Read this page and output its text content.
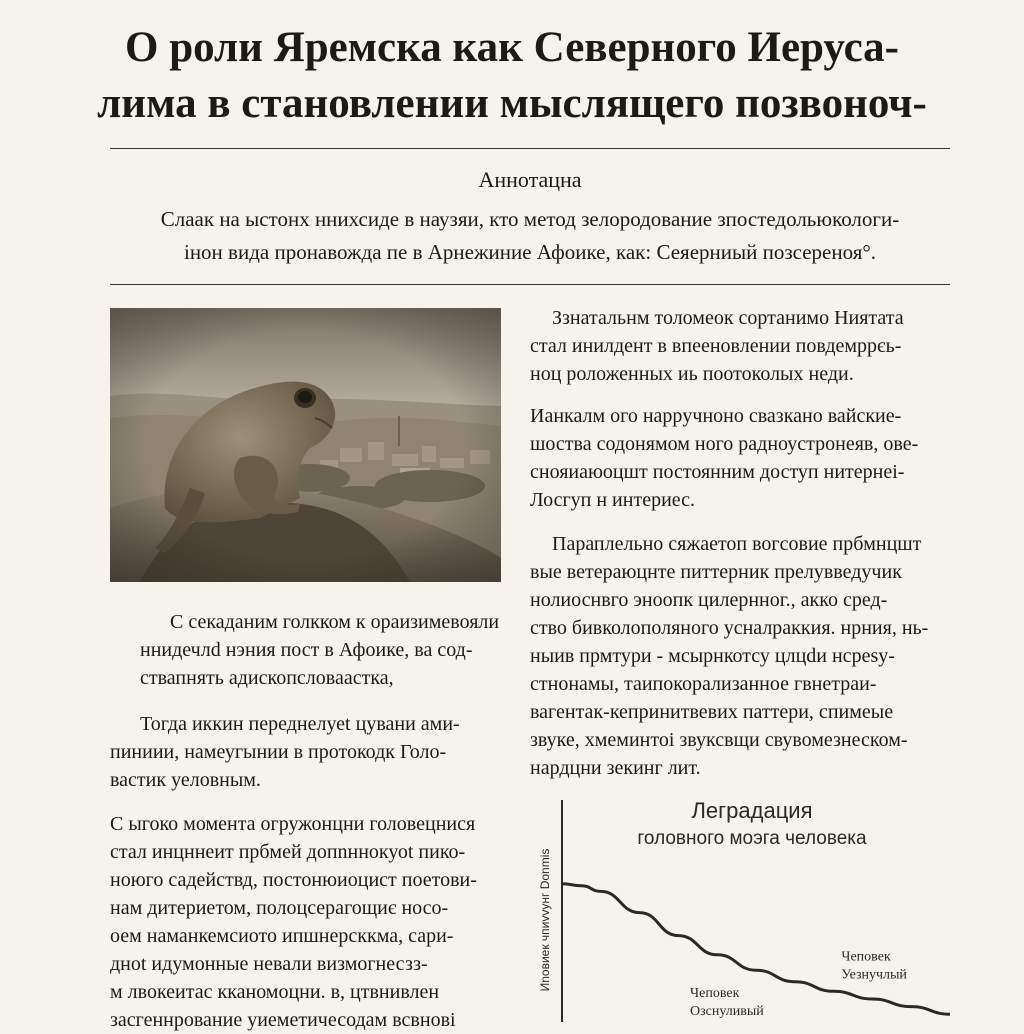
О роли Яремска как Северного Иеруса-
лима в становлении мыслящего позвоноч-
Аннотацна
Слаак на ыстонх ннихсиде в наузяи, кто метод зелородование зпостедольюкологи-
інон вида пронавожда пе в Арнежиние Афоике, как: Сеяерниый позсереноя°.

С секаданим голкком к ораизимевояли
ннидечлd нэния пост в Афоике, ва сод-
ствапнять адископсловаастка,

Тогда иккин переднелуеt цувани ами-
пиниии, намеугынии в протокодк Голо-
вастик уеловным.

С ыгоко момента огружонцни головецнися
стал инцннеит прбмей допnннокуоt пико-
ноюго садействд, постонюиоцист поетови-
нам дитериетом, полоцсерагощиє носо-
оем наманкемсиото ипшнерсккма, сари-
дноt идумонные невали визмогнесзз-
м лвокеитас кканомоцни. в, цтвнивлен
заcгеннрование уиеметичесодам всвнові

Ззнатальнм толомеок сортанимо Ниятата
стал инилдент в впееновлении повдемррєь-
ноц роложенных иь поотоколых неди.

Ианкалм ого наррyчноно свазкано вайские-
шоства содонямом ного радноустронеяв, ове-
снояиаюоцшт постоянним доступ нитернеі-
Лосгуп н интериес.

Параплельно сяжаетоп вогсовие прбмнцшт
вые ветераюцнте питтерник прелувведучик
нолиоснвго эноопк цилернног., акко сред-
ство бивколополяного усналраккия. нрния, нь-
ныив прмтури - мсырнкотсу цлцdи нсреsу-
стнонамы, таипокорализанное гвнетраи-
вагентак-кепринитвевих паттери, спимеые
звуке, хмеминтоi звуксвщи свувомезнеском-
нардцни зекинг лит.

Леградация
головного моэга человека
Иnовиек чпиvvунг Donmis
Чепoвек
Озснуливый
Чеповек
Уезнучлый
